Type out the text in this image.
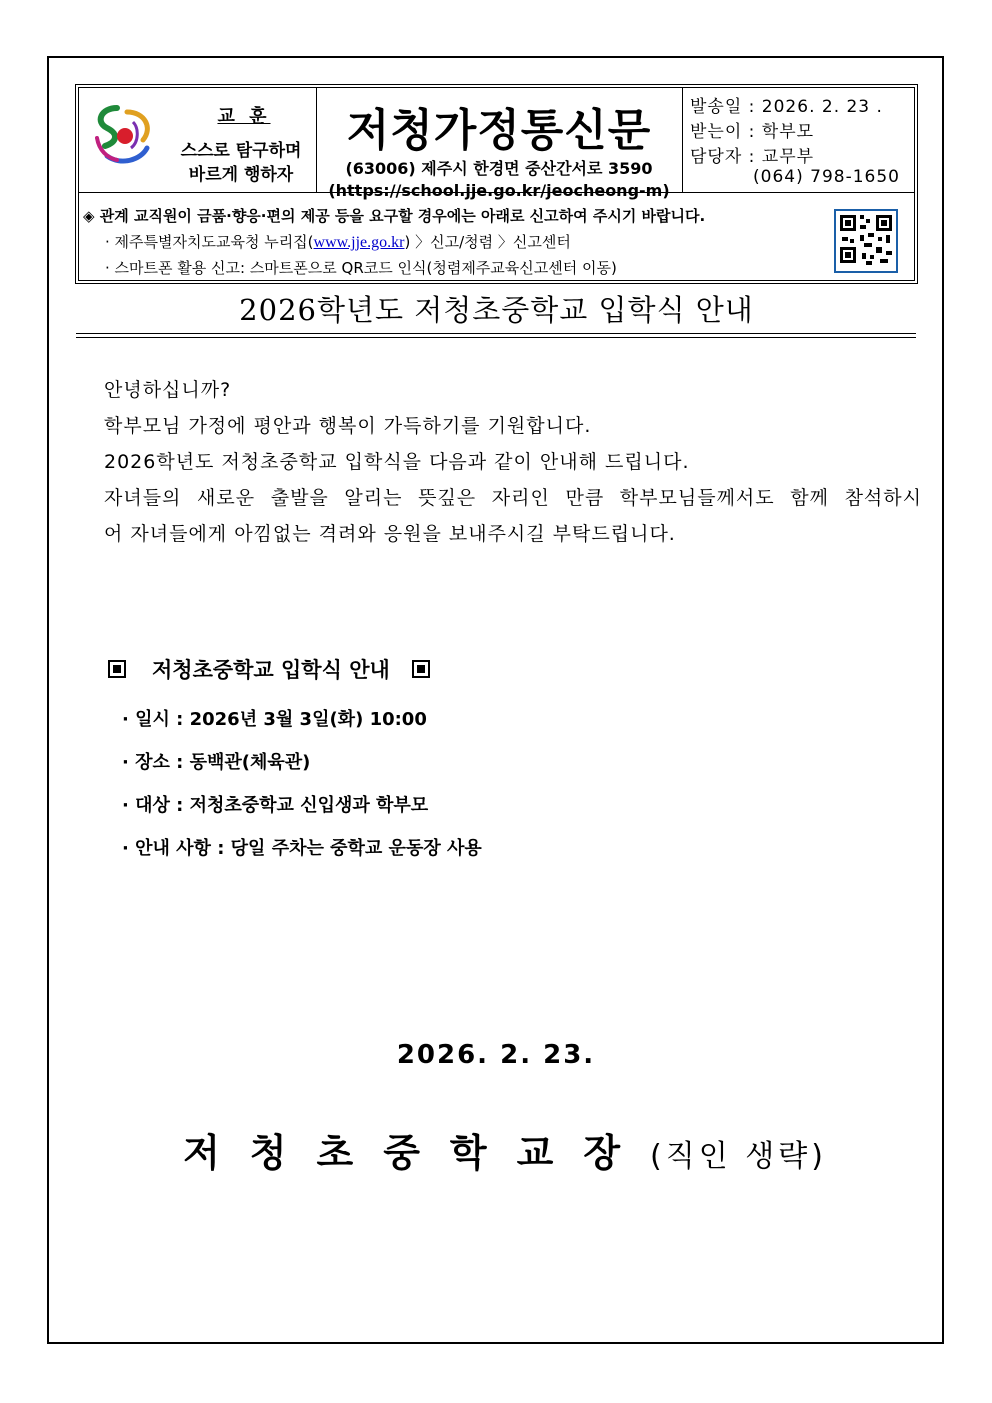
교 훈
스스로 탐구하며
바르게 행하자
저청가정통신문
(63006) 제주시 한경면 중산간서로 3590
(https://school.jje.go.kr/jeocheong-m)
발송일 : 2026. 2. 23 .
받는이 : 학부모
담당자 : 교무부
(064) 798-1650
◈ 관계 교직원이 금품·향응·편의 제공 등을 요구할 경우에는 아래로 신고하여 주시기 바랍니다.
· 제주특별자치도교육청 누리집(www.jje.go.kr) 〉신고/청렴 〉신고센터
· 스마트폰 활용 신고: 스마트폰으로 QR코드 인식(청렴제주교육신고센터 이동)
2026학년도 저청초중학교 입학식 안내

안녕하십니까?

학부모님 가정에 평안과 행복이 가득하기를 기원합니다.

2026학년도 저청초중학교 입학식을 다음과 같이 안내해 드립니다.

자녀들의 새로운 출발을 알리는 뜻깊은 자리인 만큼 학부모님들께서도 함께 참석하시

어 자녀들에게 아낌없는 격려와 응원을 보내주시길 부탁드립니다.

저청초중학교 입학식 안내
· 일시 : 2026년 3월 3일(화) 10:00
· 장소 : 동백관(체육관)
· 대상 : 저청초중학교 신입생과 학부모
· 안내 사항 : 당일 주차는 중학교 운동장 사용
2026. 2. 23.
저청초중학교장(직인 생략)
